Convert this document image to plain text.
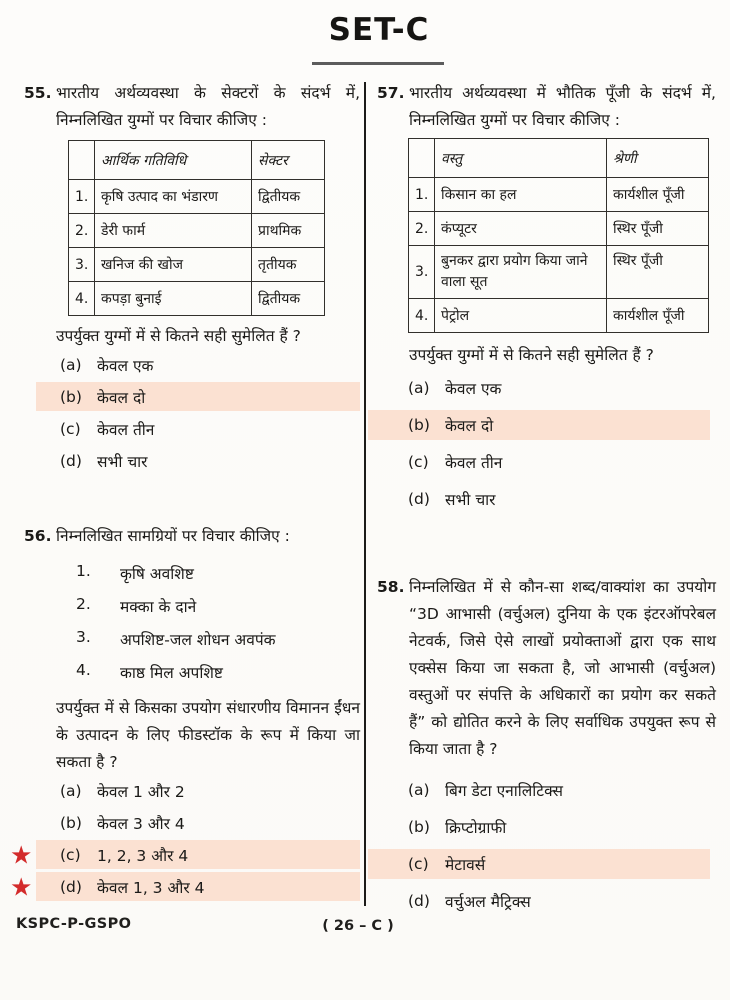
SET-C
55. भारतीय अर्थव्यवस्था के सेक्टरों के संदर्भ में, निम्नलिखित युग्मों पर विचार कीजिए :
	आर्थिक गतिविधि	सेक्टर
1.	कृषि उत्पाद का भंडारण	द्वितीयक
2.	डेरी फार्म	प्राथमिक
3.	खनिज की खोज	तृतीयक
4.	कपड़ा बुनाई	द्वितीयक
उपर्युक्त युग्मों में से कितने सही सुमेलित हैं ?
(a) केवल एक
(b) केवल दो
(c)	केवल तीन
(d) सभी चार
56. निम्नलिखित सामग्रियों पर विचार कीजिए :
1.	कृषि अवशिष्ट
2.	मक्का के दाने
3.	अपशिष्ट-जल शोधन अवपंक
4.	काष्ठ मिल अपशिष्ट
उपर्युक्त में से किसका उपयोग संधारणीय विमानन ईंधन के उत्पादन के लिए फीडस्टॉक के रूप में किया जा सकता है ?
(a) केवल 1 और 2
(b) केवल 3 और 4
★ (c)	1, 2, 3 और 4
★ (d) केवल 1, 3 और 4
57. भारतीय अर्थव्यवस्था में भौतिक पूँजी के संदर्भ में, निम्नलिखित युग्मों पर विचार कीजिए :
	वस्तु	श्रेणी
1.	किसान का हल	कार्यशील पूँजी
2.	कंप्यूटर	स्थिर पूँजी
3.	बुनकर द्वारा प्रयोग किया जाने वाला सूत	स्थिर पूँजी
4.	पेट्रोल	कार्यशील पूँजी
उपर्युक्त युग्मों में से कितने सही सुमेलित हैं ?
(a) केवल एक
(b) केवल दो
(c)	केवल तीन
(d) सभी चार
58. निम्नलिखित में से कौन-सा शब्द/वाक्यांश का उपयोग “3D आभासी (वर्चुअल) दुनिया के एक इंटरऑपरेबल नेटवर्क, जिसे ऐसे लाखों प्रयोक्ताओं द्वारा एक साथ एक्सेस किया जा सकता है, जो आभासी (वर्चुअल) वस्तुओं पर संपत्ति के अधिकारों का प्रयोग कर सकते हैं” को द्योतित करने के लिए सर्वाधिक उपयुक्त रूप से किया जाता है ?
(a) बिग डेटा एनालिटिक्स
(b) क्रिप्टोग्राफी
(c)	मेटावर्स
(d) वर्चुअल मैट्रिक्स
KSPC-P-GSPO	( 26 – C )
